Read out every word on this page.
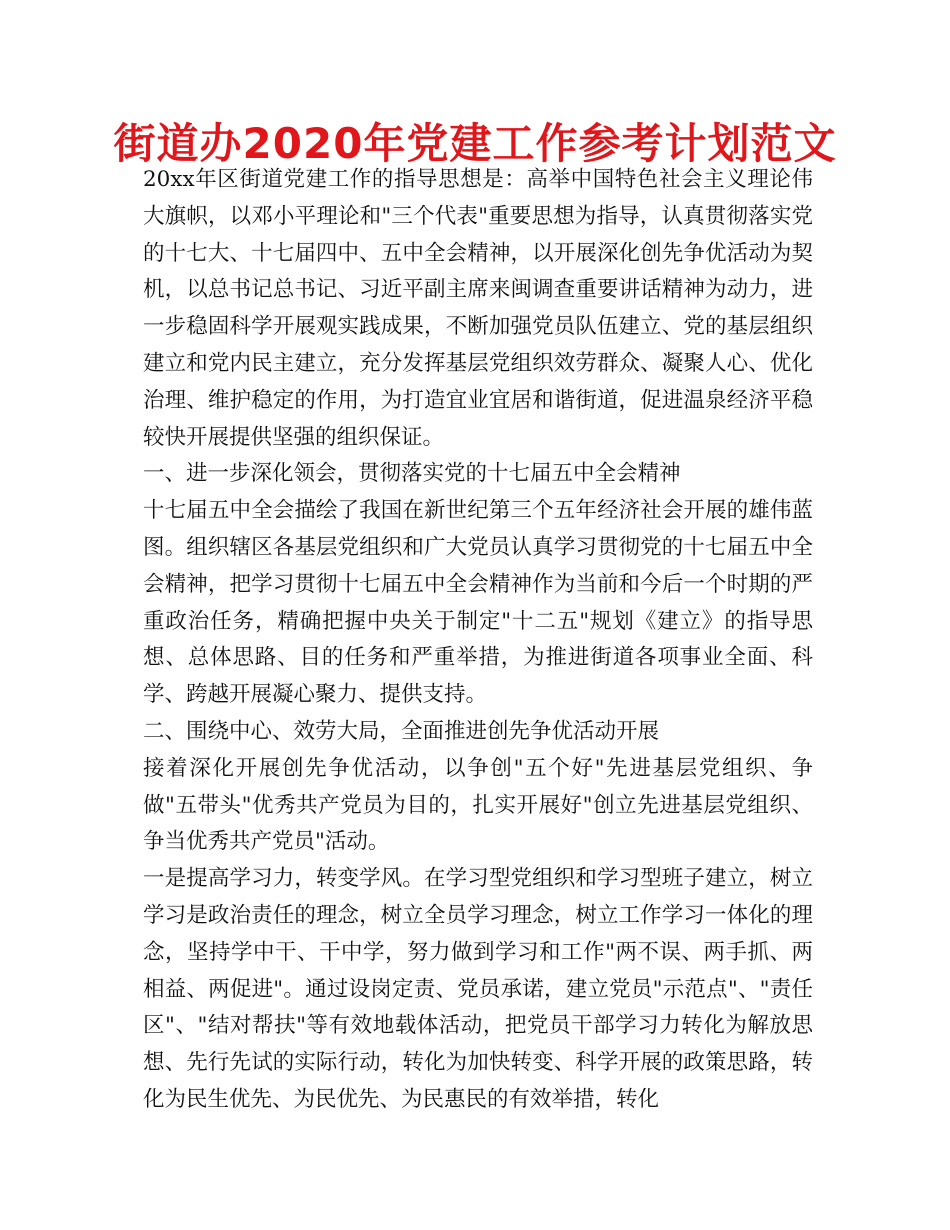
街道办2020年党建工作参考计划范文

20xx年区街道党建工作的指导思想是：高举中国特色社会主义理论伟大旗帜，以邓小平理论和"三个代表"重要思想为指导，认真贯彻落实党的十七大、十七届四中、五中全会精神，以开展深化创先争优活动为契机，以总书记总书记、习近平副主席来闽调查重要讲话精神为动力，进一步稳固科学开展观实践成果，不断加强党员队伍建立、党的基层组织建立和党内民主建立，充分发挥基层党组织效劳群众、凝聚人心、优化治理、维护稳定的作用，为打造宜业宜居和谐街道，促进温泉经济平稳较快开展提供坚强的组织保证。

一、进一步深化领会，贯彻落实党的十七届五中全会精神

十七届五中全会描绘了我国在新世纪第三个五年经济社会开展的雄伟蓝图。组织辖区各基层党组织和广大党员认真学习贯彻党的十七届五中全会精神，把学习贯彻十七届五中全会精神作为当前和今后一个时期的严重政治任务，精确把握中央关于制定"十二五"规划《建立》的指导思想、总体思路、目的任务和严重举措，为推进街道各项事业全面、科学、跨越开展凝心聚力、提供支持。

二、围绕中心、效劳大局，全面推进创先争优活动开展

接着深化开展创先争优活动，以争创"五个好"先进基层党组织、争做"五带头"优秀共产党员为目的，扎实开展好"创立先进基层党组织、争当优秀共产党员"活动。

一是提高学习力，转变学风。在学习型党组织和学习型班子建立，树立学习是政治责任的理念，树立全员学习理念，树立工作学习一体化的理念，坚持学中干、干中学，努力做到学习和工作"两不误、两手抓、两相益、两促进"。通过设岗定责、党员承诺，建立党员"示范点"、"责任区"、"结对帮扶"等有效地载体活动，把党员干部学习力转化为解放思想、先行先试的实际行动，转化为加快转变、科学开展的政策思路，转化为民生优先、为民优先、为民惠民的有效举措，转化
